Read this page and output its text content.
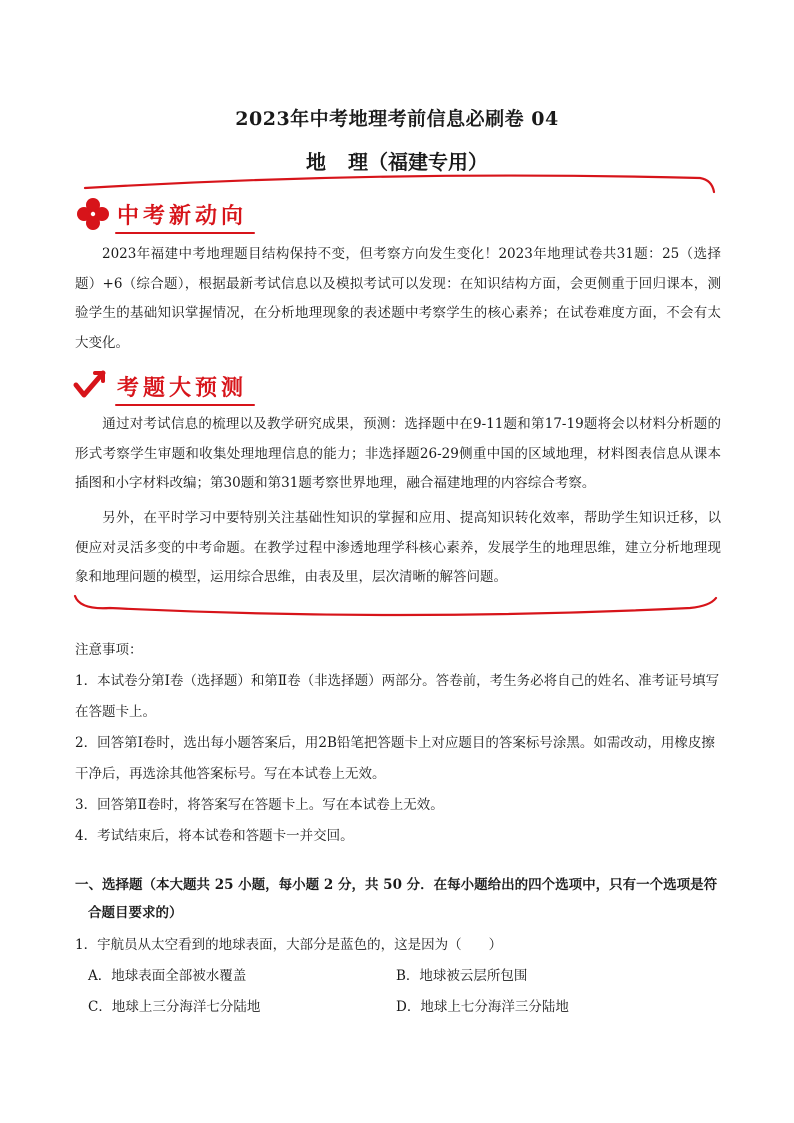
2023年中考地理考前信息必刷卷 04
地 理（福建专用）
中考新动向
2023年福建中考地理题目结构保持不变，但考察方向发生变化！2023年地理试卷共31题：25（选择题）+6（综合题），根据最新考试信息以及模拟考试可以发现：在知识结构方面，会更侧重于回归课本，测验学生的基础知识掌握情况，在分析地理现象的表述题中考察学生的核心素养；在试卷难度方面，不会有太大变化。
考题大预测
通过对考试信息的梳理以及教学研究成果，预测：选择题中在9-11题和第17-19题将会以材料分析题的形式考察学生审题和收集处理地理信息的能力；非选择题26-29侧重中国的区域地理，材料图表信息从课本插图和小字材料改编；第30题和第31题考察世界地理，融合福建地理的内容综合考察。
另外，在平时学习中要特别关注基础性知识的掌握和应用、提高知识转化效率，帮助学生知识迁移，以便应对灵活多变的中考命题。在教学过程中渗透地理学科核心素养，发展学生的地理思维，建立分析地理现象和地理问题的模型，运用综合思维，由表及里，层次清晰的解答问题。

注意事项：

1．本试卷分第Ⅰ卷（选择题）和第Ⅱ卷（非选择题）两部分。答卷前，考生务必将自己的姓名、准考证号填写在答题卡上。

2．回答第Ⅰ卷时，选出每小题答案后，用2B铅笔把答题卡上对应题目的答案标号涂黑。如需改动，用橡皮擦干净后，再选涂其他答案标号。写在本试卷上无效。

3．回答第Ⅱ卷时，将答案写在答题卡上。写在本试卷上无效。

4．考试结束后，将本试卷和答题卡一并交回。

一、选择题（本大题共 25 小题，每小题 2 分，共 50 分．在每小题给出的四个选项中，只有一个选项是符
合题目要求的）
1．宇航员从太空看到的地球表面，大部分是蓝色的，这是因为（　　）
A．地球表面全部被水覆盖	B．地球被云层所包围
C．地球上三分海洋七分陆地	D．地球上七分海洋三分陆地
